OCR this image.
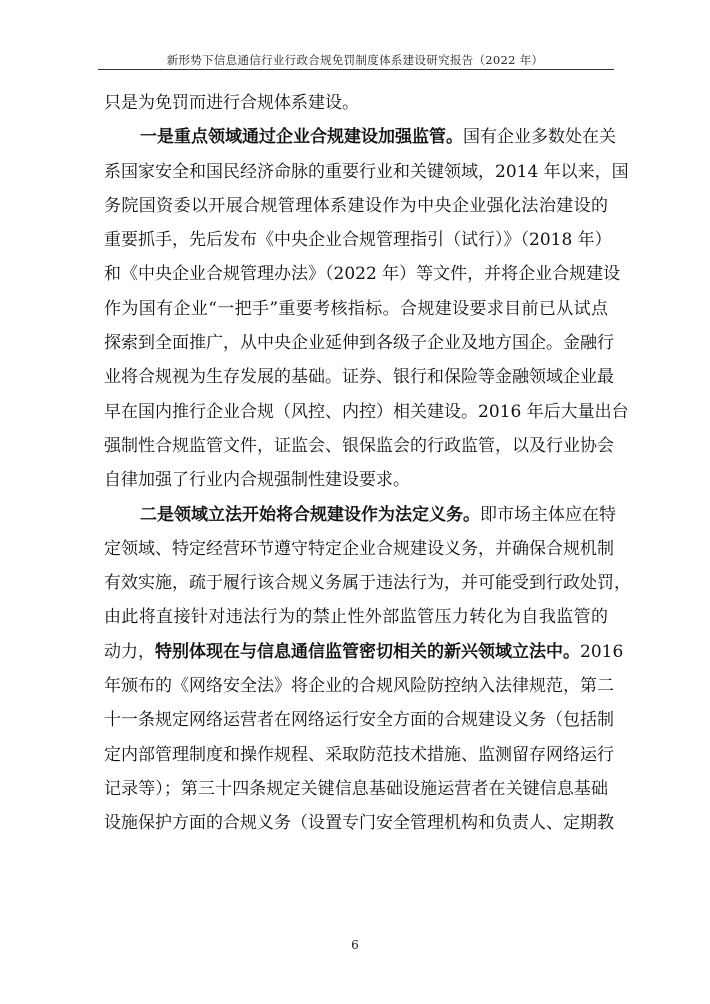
新形势下信息通信行业行政合规免罚制度体系建设研究报告（2022 年）
只是为免罚而进行合规体系建设。
一是重点领域通过企业合规建设加强监管。国有企业多数处在关
系国家安全和国民经济命脉的重要行业和关键领域，2014 年以来，国
务院国资委以开展合规管理体系建设作为中央企业强化法治建设的
重要抓手，先后发布《中央企业合规管理指引（试行）》（2018 年）
和《中央企业合规管理办法》（2022 年）等文件，并将企业合规建设
作为国有企业“一把手”重要考核指标。合规建设要求目前已从试点
探索到全面推广，从中央企业延伸到各级子企业及地方国企。金融行
业将合规视为生存发展的基础。证券、银行和保险等金融领域企业最
早在国内推行企业合规（风控、内控）相关建设。2016 年后大量出台
强制性合规监管文件，证监会、银保监会的行政监管，以及行业协会
自律加强了行业内合规强制性建设要求。
二是领域立法开始将合规建设作为法定义务。即市场主体应在特
定领域、特定经营环节遵守特定企业合规建设义务，并确保合规机制
有效实施，疏于履行该合规义务属于违法行为，并可能受到行政处罚，
由此将直接针对违法行为的禁止性外部监管压力转化为自我监管的
动力，特别体现在与信息通信监管密切相关的新兴领域立法中。2016
年颁布的《网络安全法》将企业的合规风险防控纳入法律规范，第二
十一条规定网络运营者在网络运行安全方面的合规建设义务（包括制
定内部管理制度和操作规程、采取防范技术措施、监测留存网络运行
记录等）；第三十四条规定关键信息基础设施运营者在关键信息基础
设施保护方面的合规义务（设置专门安全管理机构和负责人、定期教
6
